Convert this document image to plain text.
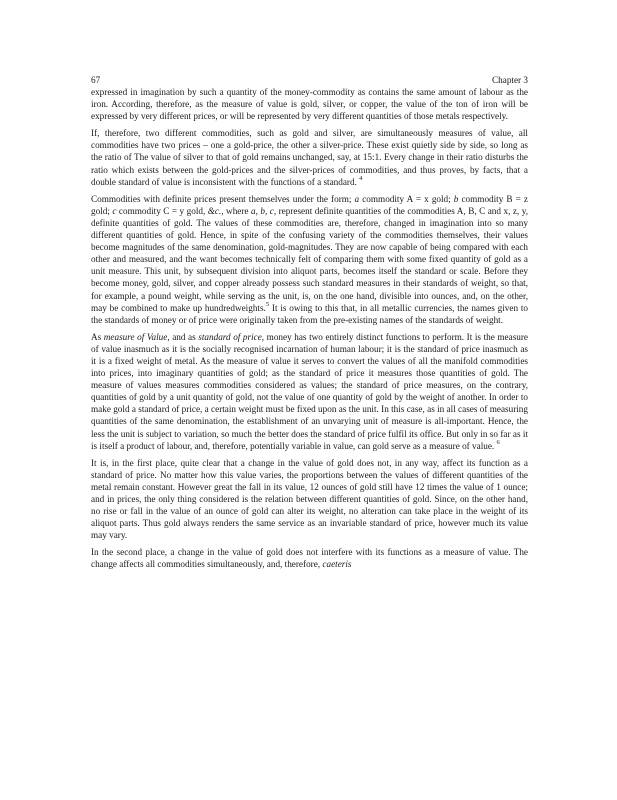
67	Chapter 3

expressed in imagination by such a quantity of the money-commodity as contains the same amount of labour as the iron. According, therefore, as the measure of value is gold, silver, or copper, the value of the ton of iron will be expressed by very different prices, or will be represented by very different quantities of those metals respectively.

If, therefore, two different commodities, such as gold and silver, are simultaneously measures of value, all commodities have two prices – one a gold-price, the other a silver-price. These exist quietly side by side, so long as the ratio of The value of silver to that of gold remains unchanged, say, at 15:1. Every change in their ratio disturbs the ratio which exists between the gold-prices and the silver-prices of commodities, and thus proves, by facts, that a double standard of value is inconsistent with the functions of a standard. $^4$

Commodities with definite prices present themselves under the form; a commodity A = x gold; b commodity B = z gold; c commodity C = y gold, &c., where a, b, c, represent definite quantities of the commodities A, B, C and x, z, y, definite quantities of gold. The values of these commodities are, therefore, changed in imagination into so many different quantities of gold. Hence, in spite of the confusing variety of the commodities themselves, their values become magnitudes of the same denomination, gold-magnitudes. They are now capable of being compared with each other and measured, and the want becomes technically felt of comparing them with some fixed quantity of gold as a unit measure. This unit, by subsequent division into aliquot parts, becomes itself the standard or scale. Before they become money, gold, silver, and copper already possess such standard measures in their standards of weight, so that, for example, a pound weight, while serving as the unit, is, on the one hand, divisible into ounces, and, on the other, may be combined to make up hundredweights.$^5$ It is owing to this that, in all metallic currencies, the names given to the standards of money or of price were originally taken from the pre-existing names of the standards of weight.

As measure of Value, and as standard of price, money has two entirely distinct functions to perform. It is the measure of value inasmuch as it is the socially recognised incarnation of human labour; it is the standard of price inasmuch as it is a fixed weight of metal. As the measure of value it serves to convert the values of all the manifold commodities into prices, into imaginary quantities of gold; as the standard of price it measures those quantities of gold. The measure of values measures commodities considered as values; the standard of price measures, on the contrary, quantities of gold by a unit quantity of gold, not the value of one quantity of gold by the weight of another. In order to make gold a standard of price, a certain weight must be fixed upon as the unit. In this case, as in all cases of measuring quantities of the same denomination, the establishment of an unvarying unit of measure is all-important. Hence, the less the unit is subject to variation, so much the better does the standard of price fulfil its office. But only in so far as it is itself a product of labour, and, therefore, potentially variable in value, can gold serve as a measure of value. $^6$

It is, in the first place, quite clear that a change in the value of gold does not, in any way, affect its function as a standard of price. No matter how this value varies, the proportions between the values of different quantities of the metal remain constant. However great the fall in its value, 12 ounces of gold still have 12 times the value of 1 ounce; and in prices, the only thing considered is the relation between different quantities of gold. Since, on the other hand, no rise or fall in the value of an ounce of gold can alter its weight, no alteration can take place in the weight of its aliquot parts. Thus gold always renders the same service as an invariable standard of price, however much its value may vary.

In the second place, a change in the value of gold does not interfere with its functions as a measure of value. The change affects all commodities simultaneously, and, therefore, caeteris
